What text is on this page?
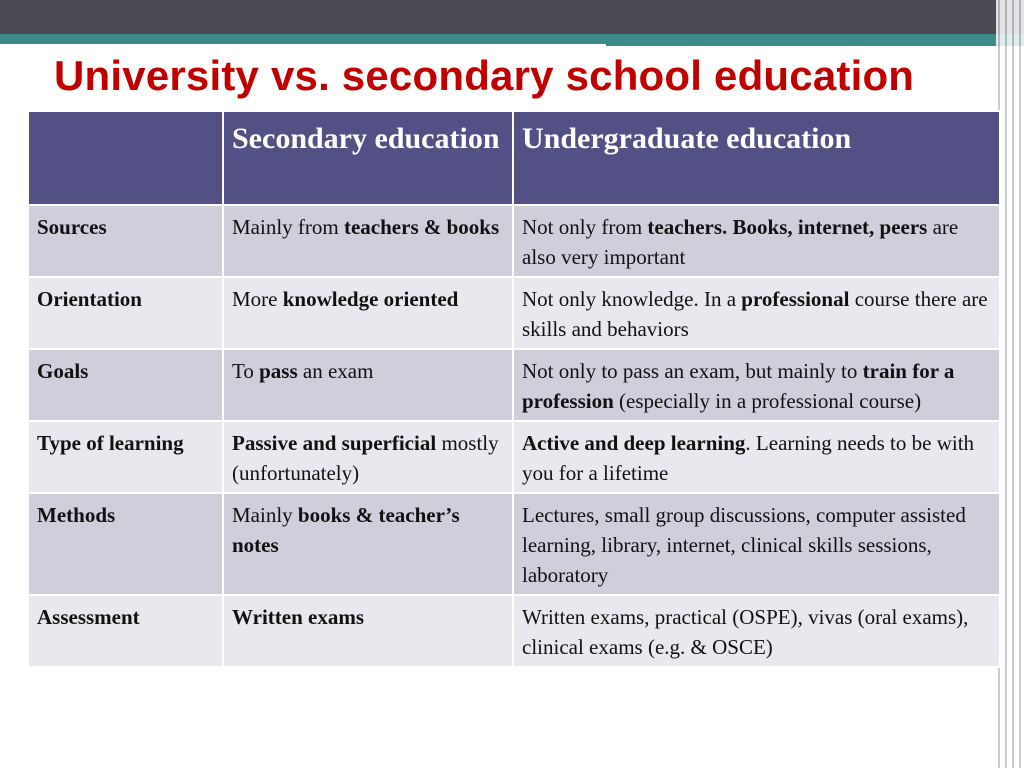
University vs. secondary school education
	Secondary education	Undergraduate education
Sources	Mainly from teachers & books	Not only from teachers. Books, internet, peers are also very important
Orientation	More knowledge oriented	Not only knowledge. In a professional course there are skills and behaviors
Goals	To pass an exam	Not only to pass an exam, but mainly to train for a profession (especially in a professional course)
Type of learning	Passive and superficial mostly (unfortunately)	Active and deep learning. Learning needs to be with you for a lifetime
Methods	Mainly books & teacher’s notes	Lectures, small group discussions, computer assisted learning, library, internet, clinical skills sessions, laboratory
Assessment	Written exams	Written exams, practical (OSPE), vivas (oral exams), clinical exams (e.g. & OSCE)
